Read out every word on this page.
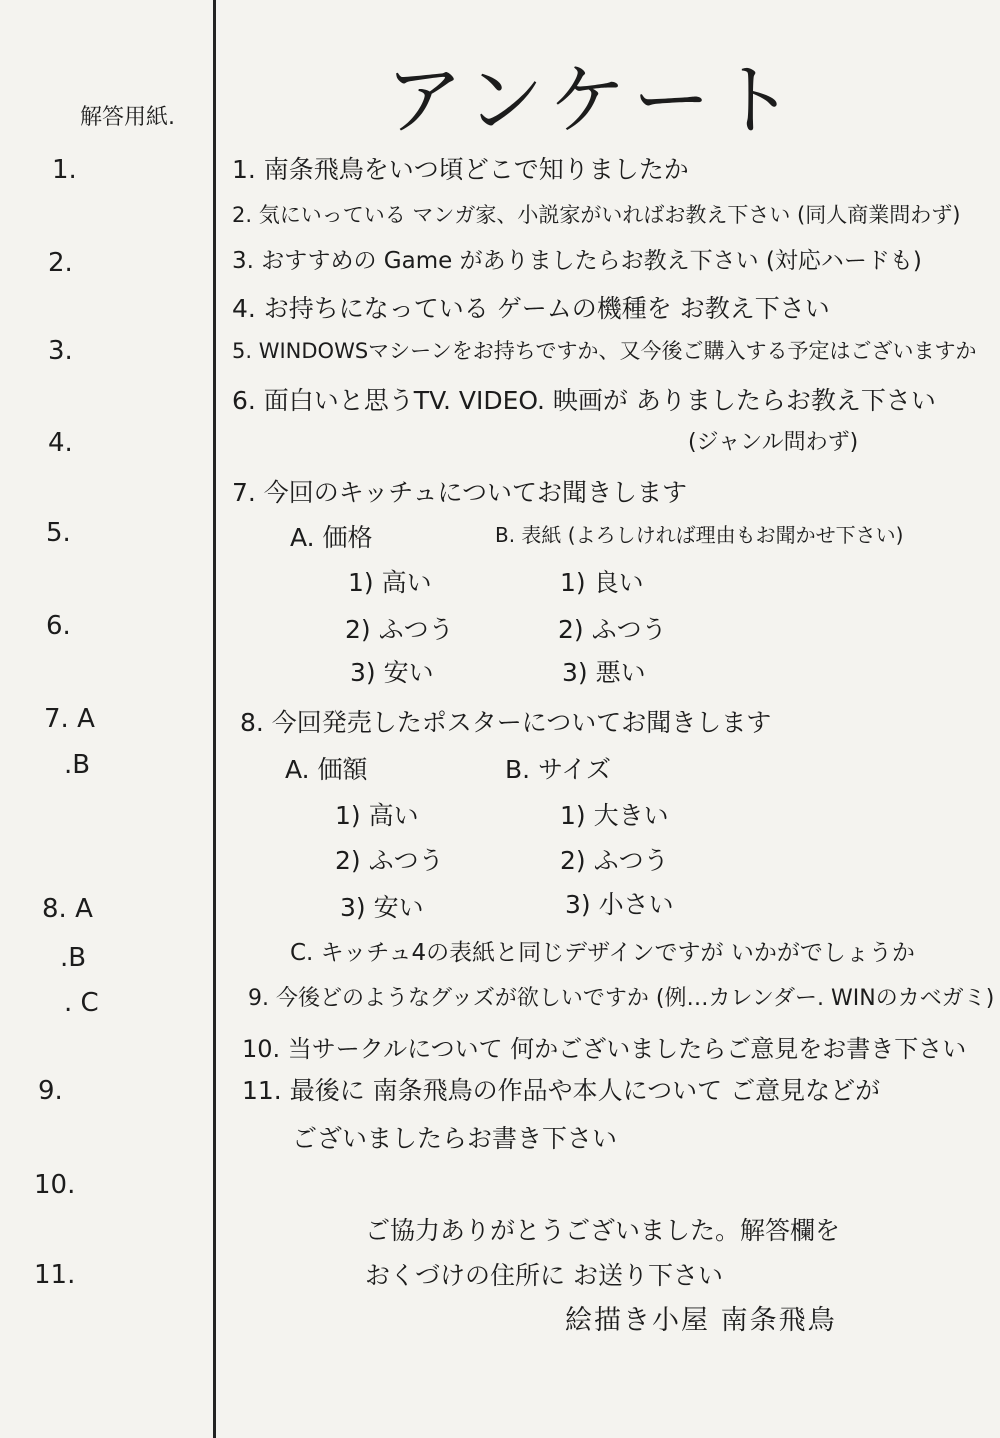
アンケート
解答用紙.
1.
2.
3.
4.
5.
6.
7. A
.B
8. A
.B
. C
9.
10.
11.
1. 南条飛鳥をいつ頃どこで知りましたか
2. 気にいっている マンガ家、小説家がいればお教え下さい (同人商業問わず)
3. おすすめの Game がありましたらお教え下さい (対応ハードも)
4. お持ちになっている ゲームの機種を お教え下さい
5. WINDOWSマシーンをお持ちですか、又今後ご購入する予定はございますか
6. 面白いと思うTV. VIDEO. 映画が ありましたらお教え下さい
(ジャンル問わず)
7. 今回のキッチュについてお聞きします
A. 価格	B. 表紙 (よろしければ理由もお聞かせ下さい)
1) 高い	1) 良い
2) ふつう	2) ふつう
3) 安い	3) 悪い
8. 今回発売したポスターについてお聞きします
A. 価額	B. サイズ
1) 高い	1) 大きい
2) ふつう	2) ふつう
3) 安い	3) 小さい
C. キッチュ4の表紙と同じデザインですが いかがでしょうか
9. 今後どのようなグッズが欲しいですか (例…カレンダー. WINのカベガミ)
10. 当サークルについて 何かございましたらご意見をお書き下さい
11. 最後に 南条飛鳥の作品や本人について ご意見などが
ございましたらお書き下さい
ご協力ありがとうございました。解答欄を
おくづけの住所に お送り下さい
絵描き小屋 南条飛鳥
